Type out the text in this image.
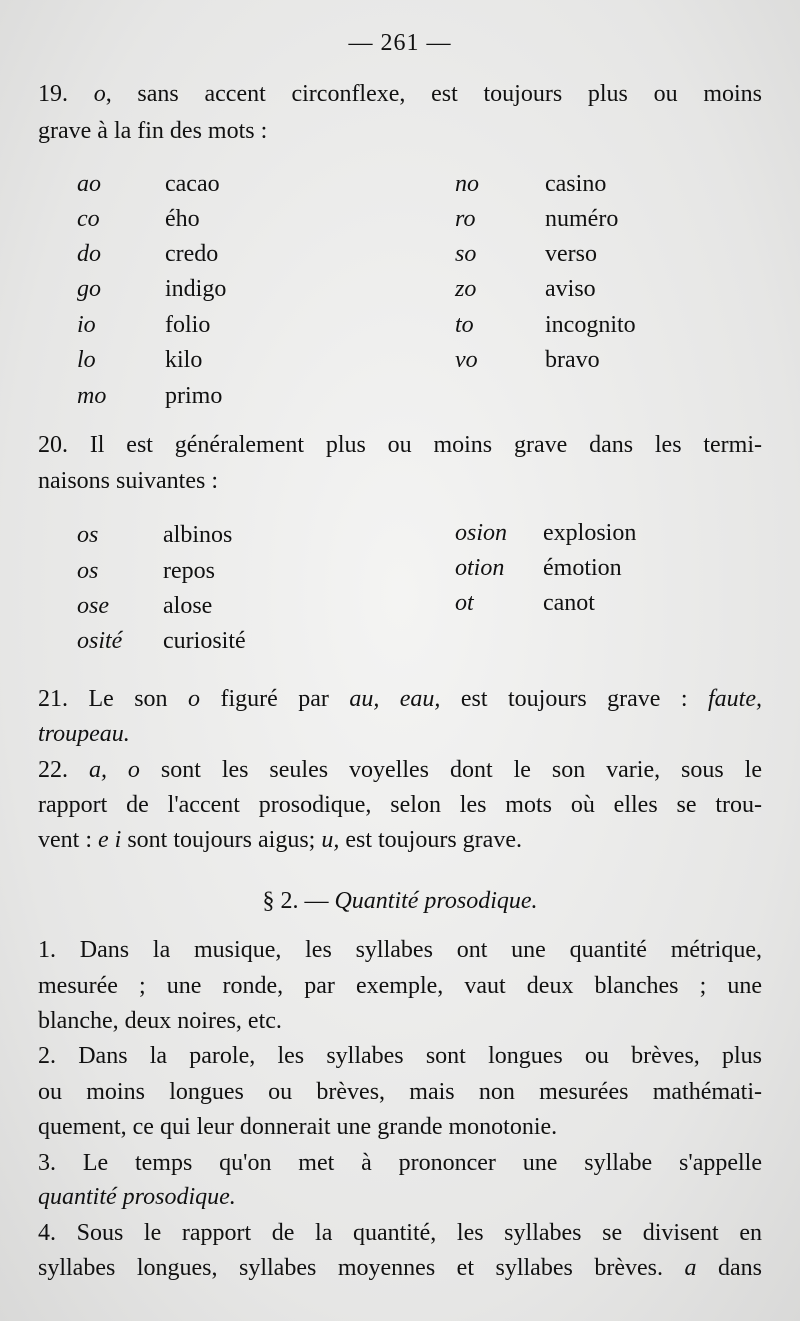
— 261 —
19. o, sans accent circonflexe, est toujours plus ou moins
grave à la fin des mots :
ao	cacao
co	ého
do	credo
go	indigo
io	folio
lo	kilo
mo primo
no	casino
ro	numéro
so	verso
zo	aviso
to	incognito
vo	bravo
20. Il est généralement plus ou moins grave dans les termi-
naisons suivantes :
os	albinos
os	repos
ose alose
osité curiosité
osion explosion
otion émotion
ot	canot
21. Le son o figuré par au, eau, est toujours grave : faute,
troupeau.
22. a, o sont les seules voyelles dont le son varie, sous le
rapport de l'accent prosodique, selon les mots où elles se trou-
vent : e i sont toujours aigus; u, est toujours grave.
§ 2. — Quantité prosodique.
1. Dans la musique, les syllabes ont une quantité métrique,
mesurée ; une ronde, par exemple, vaut deux blanches ; une
blanche, deux noires, etc.
2. Dans la parole, les syllabes sont longues ou brèves, plus
ou moins longues ou brèves, mais non mesurées mathémati-
quement, ce qui leur donnerait une grande monotonie.
3. Le temps qu'on met à prononcer une syllabe s'appelle
quantité prosodique.
4. Sous le rapport de la quantité, les syllabes se divisent en
syllabes longues, syllabes moyennes et syllabes brèves. a dans
